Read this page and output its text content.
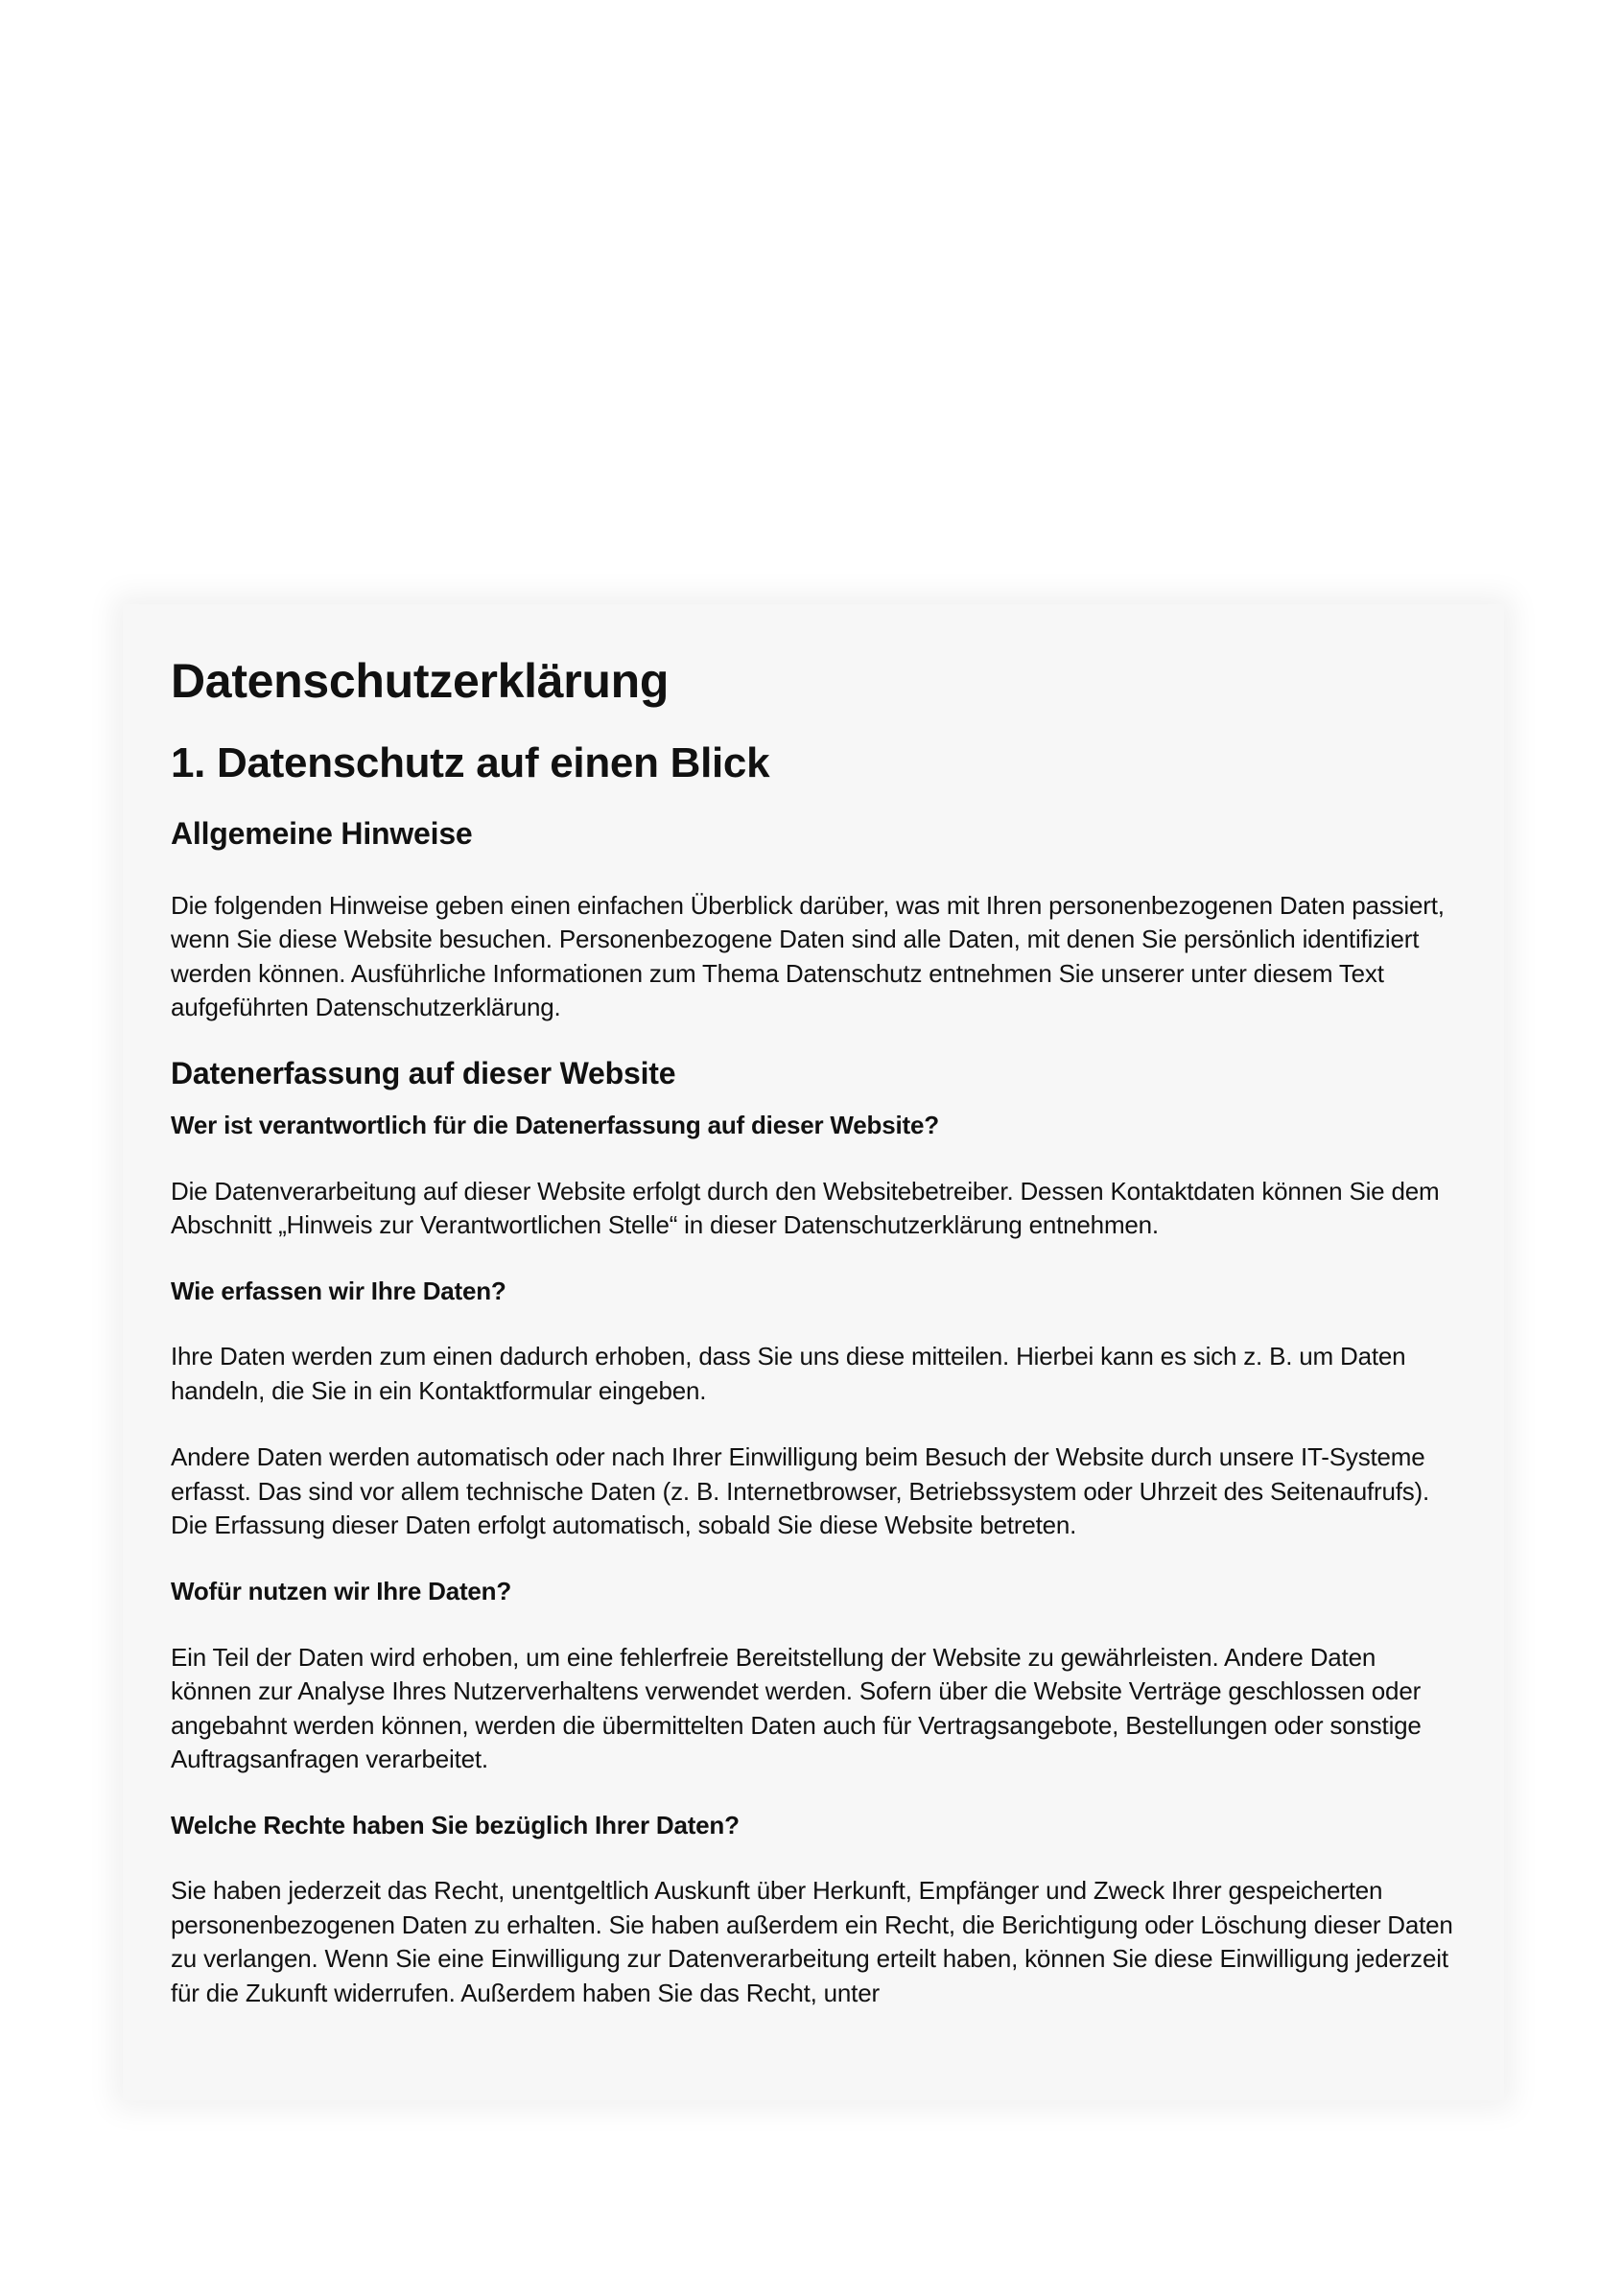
Datenschutzerklärung
1. Datenschutz auf einen Blick
Allgemeine Hinweise

Die folgenden Hinweise geben einen einfachen Überblick darüber, was mit Ihren personenbezogenen Daten passiert, wenn Sie diese Website besuchen. Personenbezogene Daten sind alle Daten, mit denen Sie persönlich identifiziert werden können. Ausführliche Informationen zum Thema Datenschutz entnehmen Sie unserer unter diesem Text aufgeführten Datenschutzerklärung.

Datenerfassung auf dieser Website
Wer ist verantwortlich für die Datenerfassung auf dieser Website?

Die Datenverarbeitung auf dieser Website erfolgt durch den Websitebetreiber. Dessen Kontaktdaten können Sie dem Abschnitt „Hinweis zur Verantwortlichen Stelle“ in dieser Datenschutzerklärung entnehmen.

Wie erfassen wir Ihre Daten?

Ihre Daten werden zum einen dadurch erhoben, dass Sie uns diese mitteilen. Hierbei kann es sich z. B. um Daten handeln, die Sie in ein Kontaktformular eingeben.

Andere Daten werden automatisch oder nach Ihrer Einwilligung beim Besuch der Website durch unsere IT-Systeme erfasst. Das sind vor allem technische Daten (z. B. Internetbrowser, Betriebssystem oder Uhrzeit des Seitenaufrufs). Die Erfassung dieser Daten erfolgt automatisch, sobald Sie diese Website betreten.

Wofür nutzen wir Ihre Daten?

Ein Teil der Daten wird erhoben, um eine fehlerfreie Bereitstellung der Website zu gewährleisten. Andere Daten können zur Analyse Ihres Nutzerverhaltens verwendet werden. Sofern über die Website Verträge geschlossen oder angebahnt werden können, werden die übermittelten Daten auch für Vertragsangebote, Bestellungen oder sonstige Auftragsanfragen verarbeitet.

Welche Rechte haben Sie bezüglich Ihrer Daten?

Sie haben jederzeit das Recht, unentgeltlich Auskunft über Herkunft, Empfänger und Zweck Ihrer gespeicherten personenbezogenen Daten zu erhalten. Sie haben außerdem ein Recht, die Berichtigung oder Löschung dieser Daten zu verlangen. Wenn Sie eine Einwilligung zur Datenverarbeitung erteilt haben, können Sie diese Einwilligung jederzeit für die Zukunft widerrufen. Außerdem haben Sie das Recht, unter
